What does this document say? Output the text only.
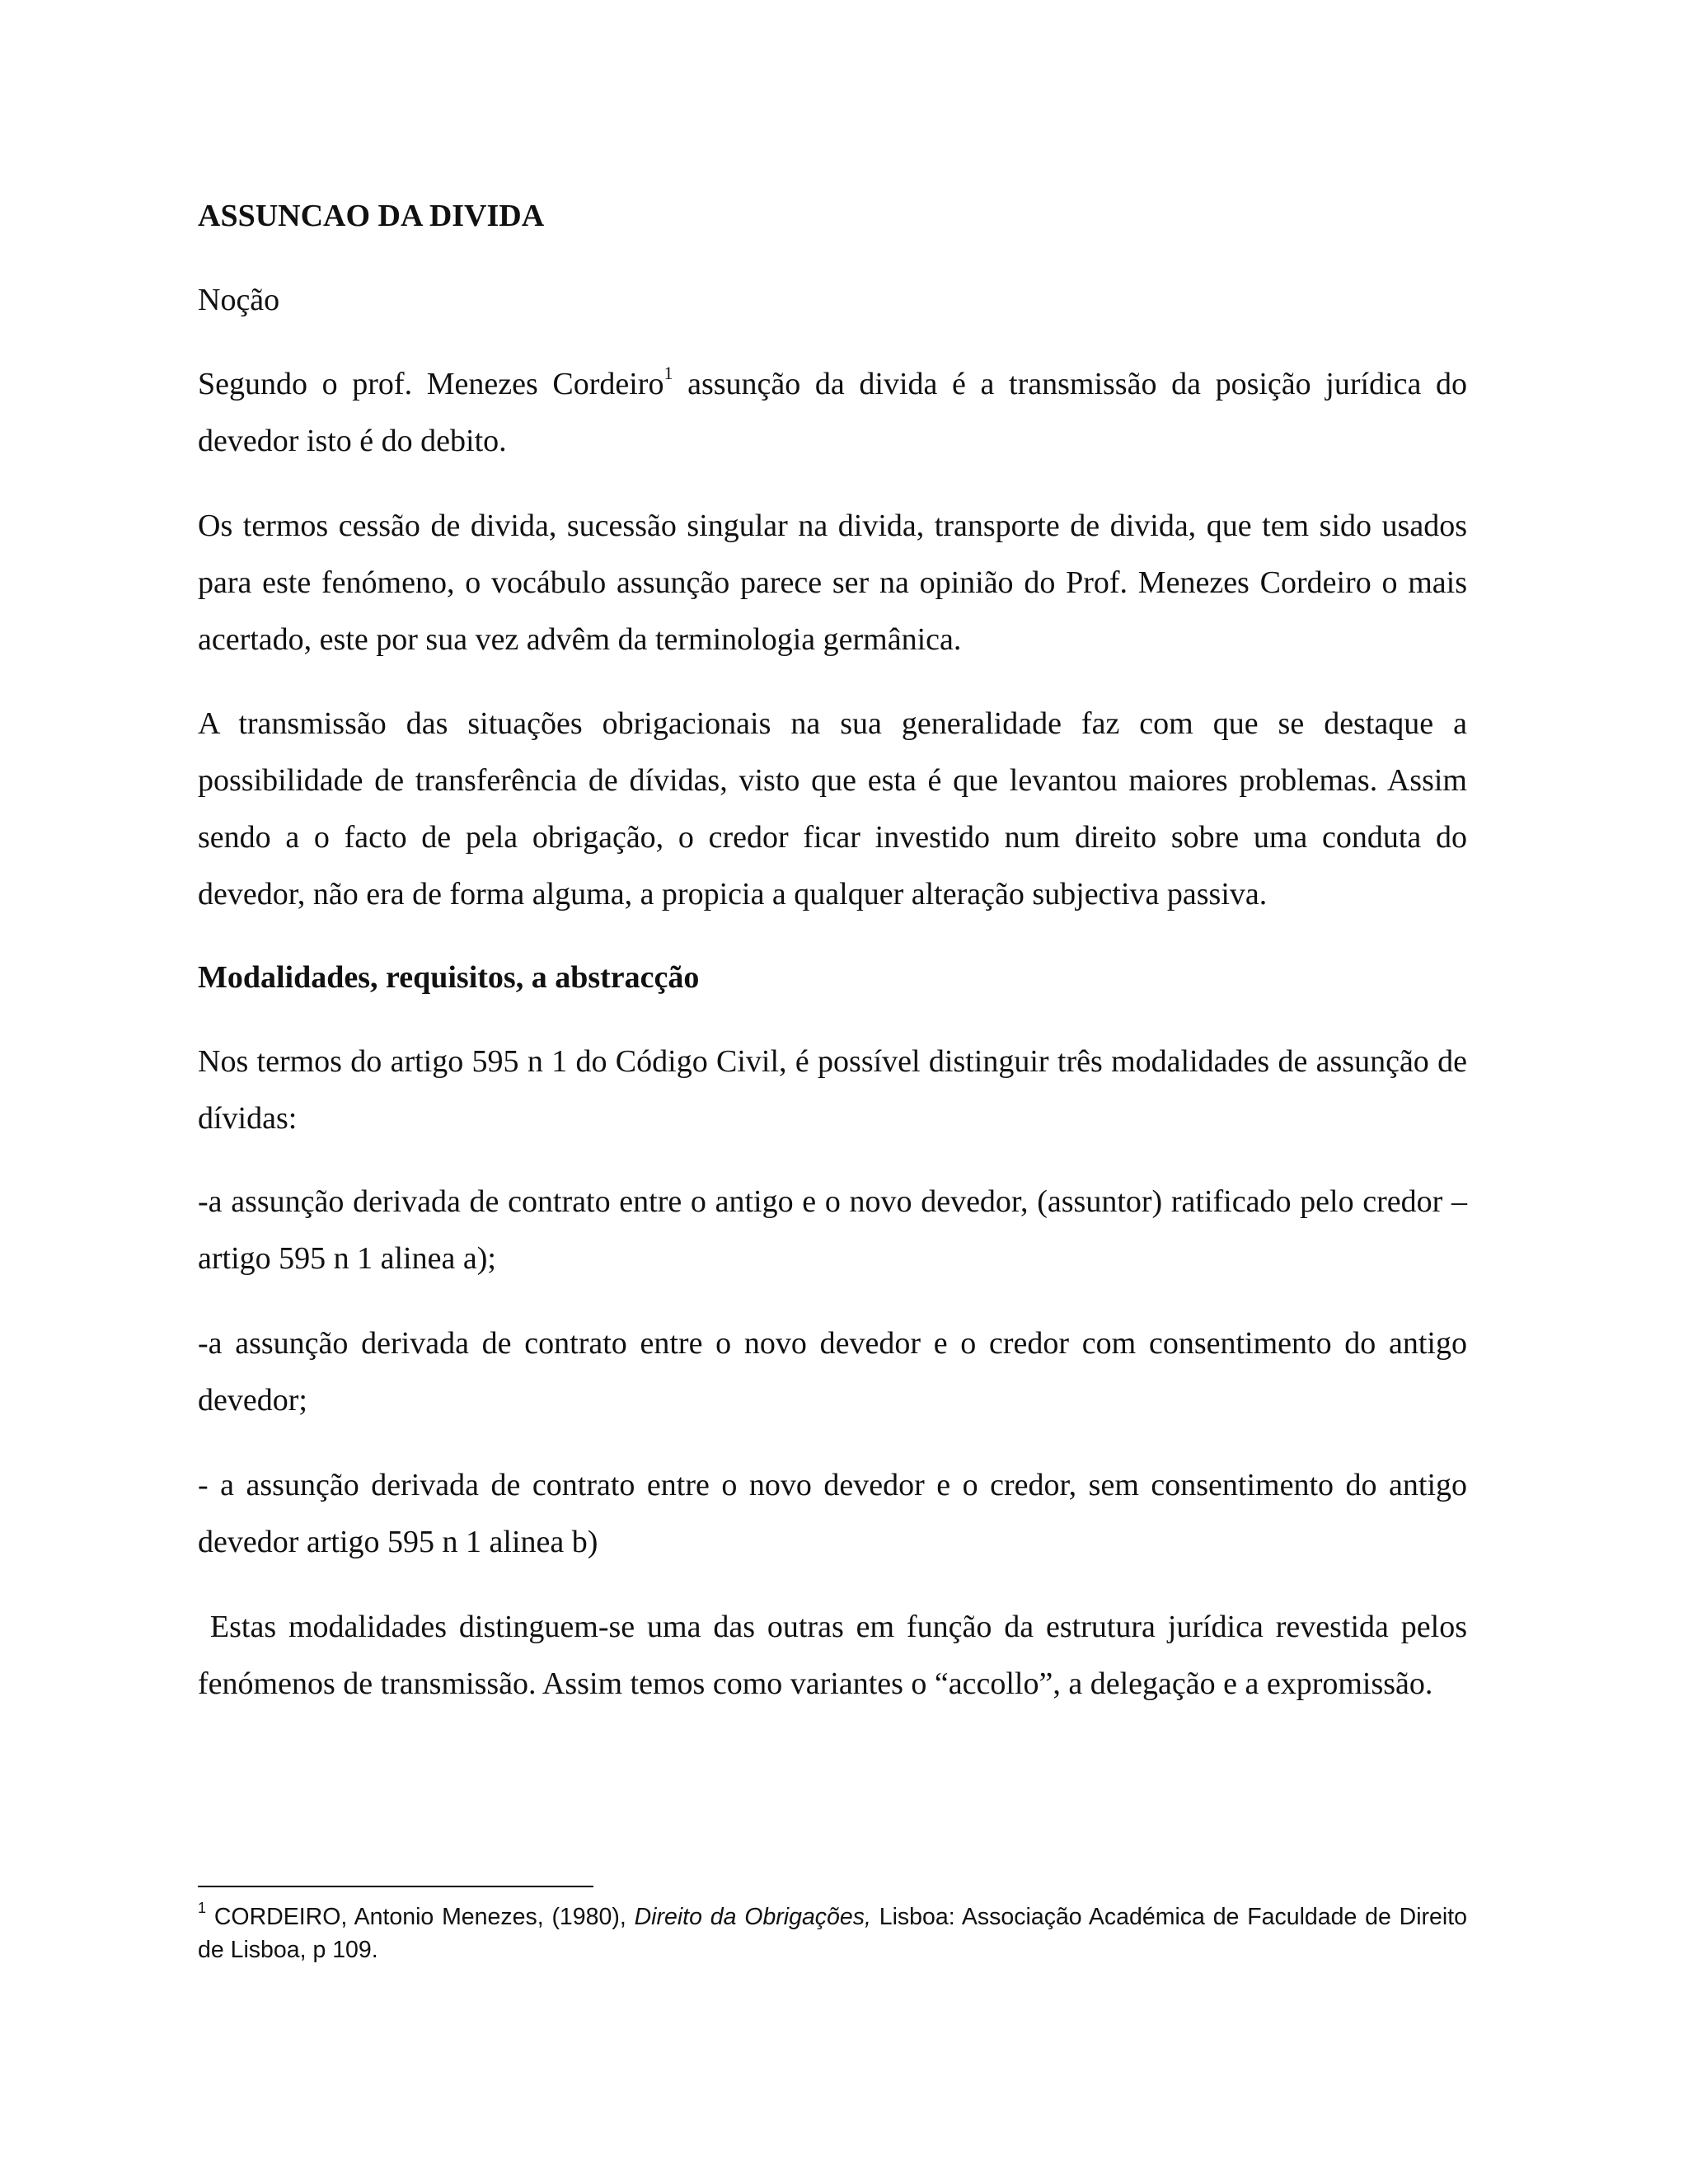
ASSUNCAO DA DIVIDA

Noção

Segundo o prof. Menezes Cordeiro$^1$ assunção da divida é a transmissão da posição jurídica do devedor isto é do debito.

Os termos cessão de divida, sucessão singular na divida, transporte de divida, que tem sido usados para este fenómeno, o vocábulo assunção parece ser na opinião do Prof. Menezes Cordeiro o mais acertado, este por sua vez advêm da terminologia germânica.

A transmissão das situações obrigacionais na sua generalidade faz com que se destaque a possibilidade de transferência de dívidas, visto que esta é que levantou maiores problemas. Assim sendo a o facto de pela obrigação, o credor ficar investido num direito sobre uma conduta do devedor, não era de forma alguma, a propicia a qualquer alteração subjectiva passiva.

Modalidades, requisitos, a abstracção

Nos termos do artigo 595 n 1 do Código Civil, é possível distinguir três modalidades de assunção de dívidas:

-a assunção derivada de contrato entre o antigo e o novo devedor, (assuntor) ratificado pelo credor – artigo 595 n 1 alinea a);

-a assunção derivada de contrato entre o novo devedor e o credor com consentimento do antigo devedor;

- a assunção derivada de contrato entre o novo devedor e o credor, sem consentimento do antigo devedor artigo 595 n 1 alinea b)

Estas modalidades distinguem-se uma das outras em função da estrutura jurídica revestida pelos fenómenos de transmissão. Assim temos como variantes o “accollo”, a delegação e a expromissão.

$^1$ CORDEIRO, Antonio Menezes, (1980), Direito da Obrigações, Lisboa: Associação Académica de Faculdade de Direito de Lisboa, p 109.
